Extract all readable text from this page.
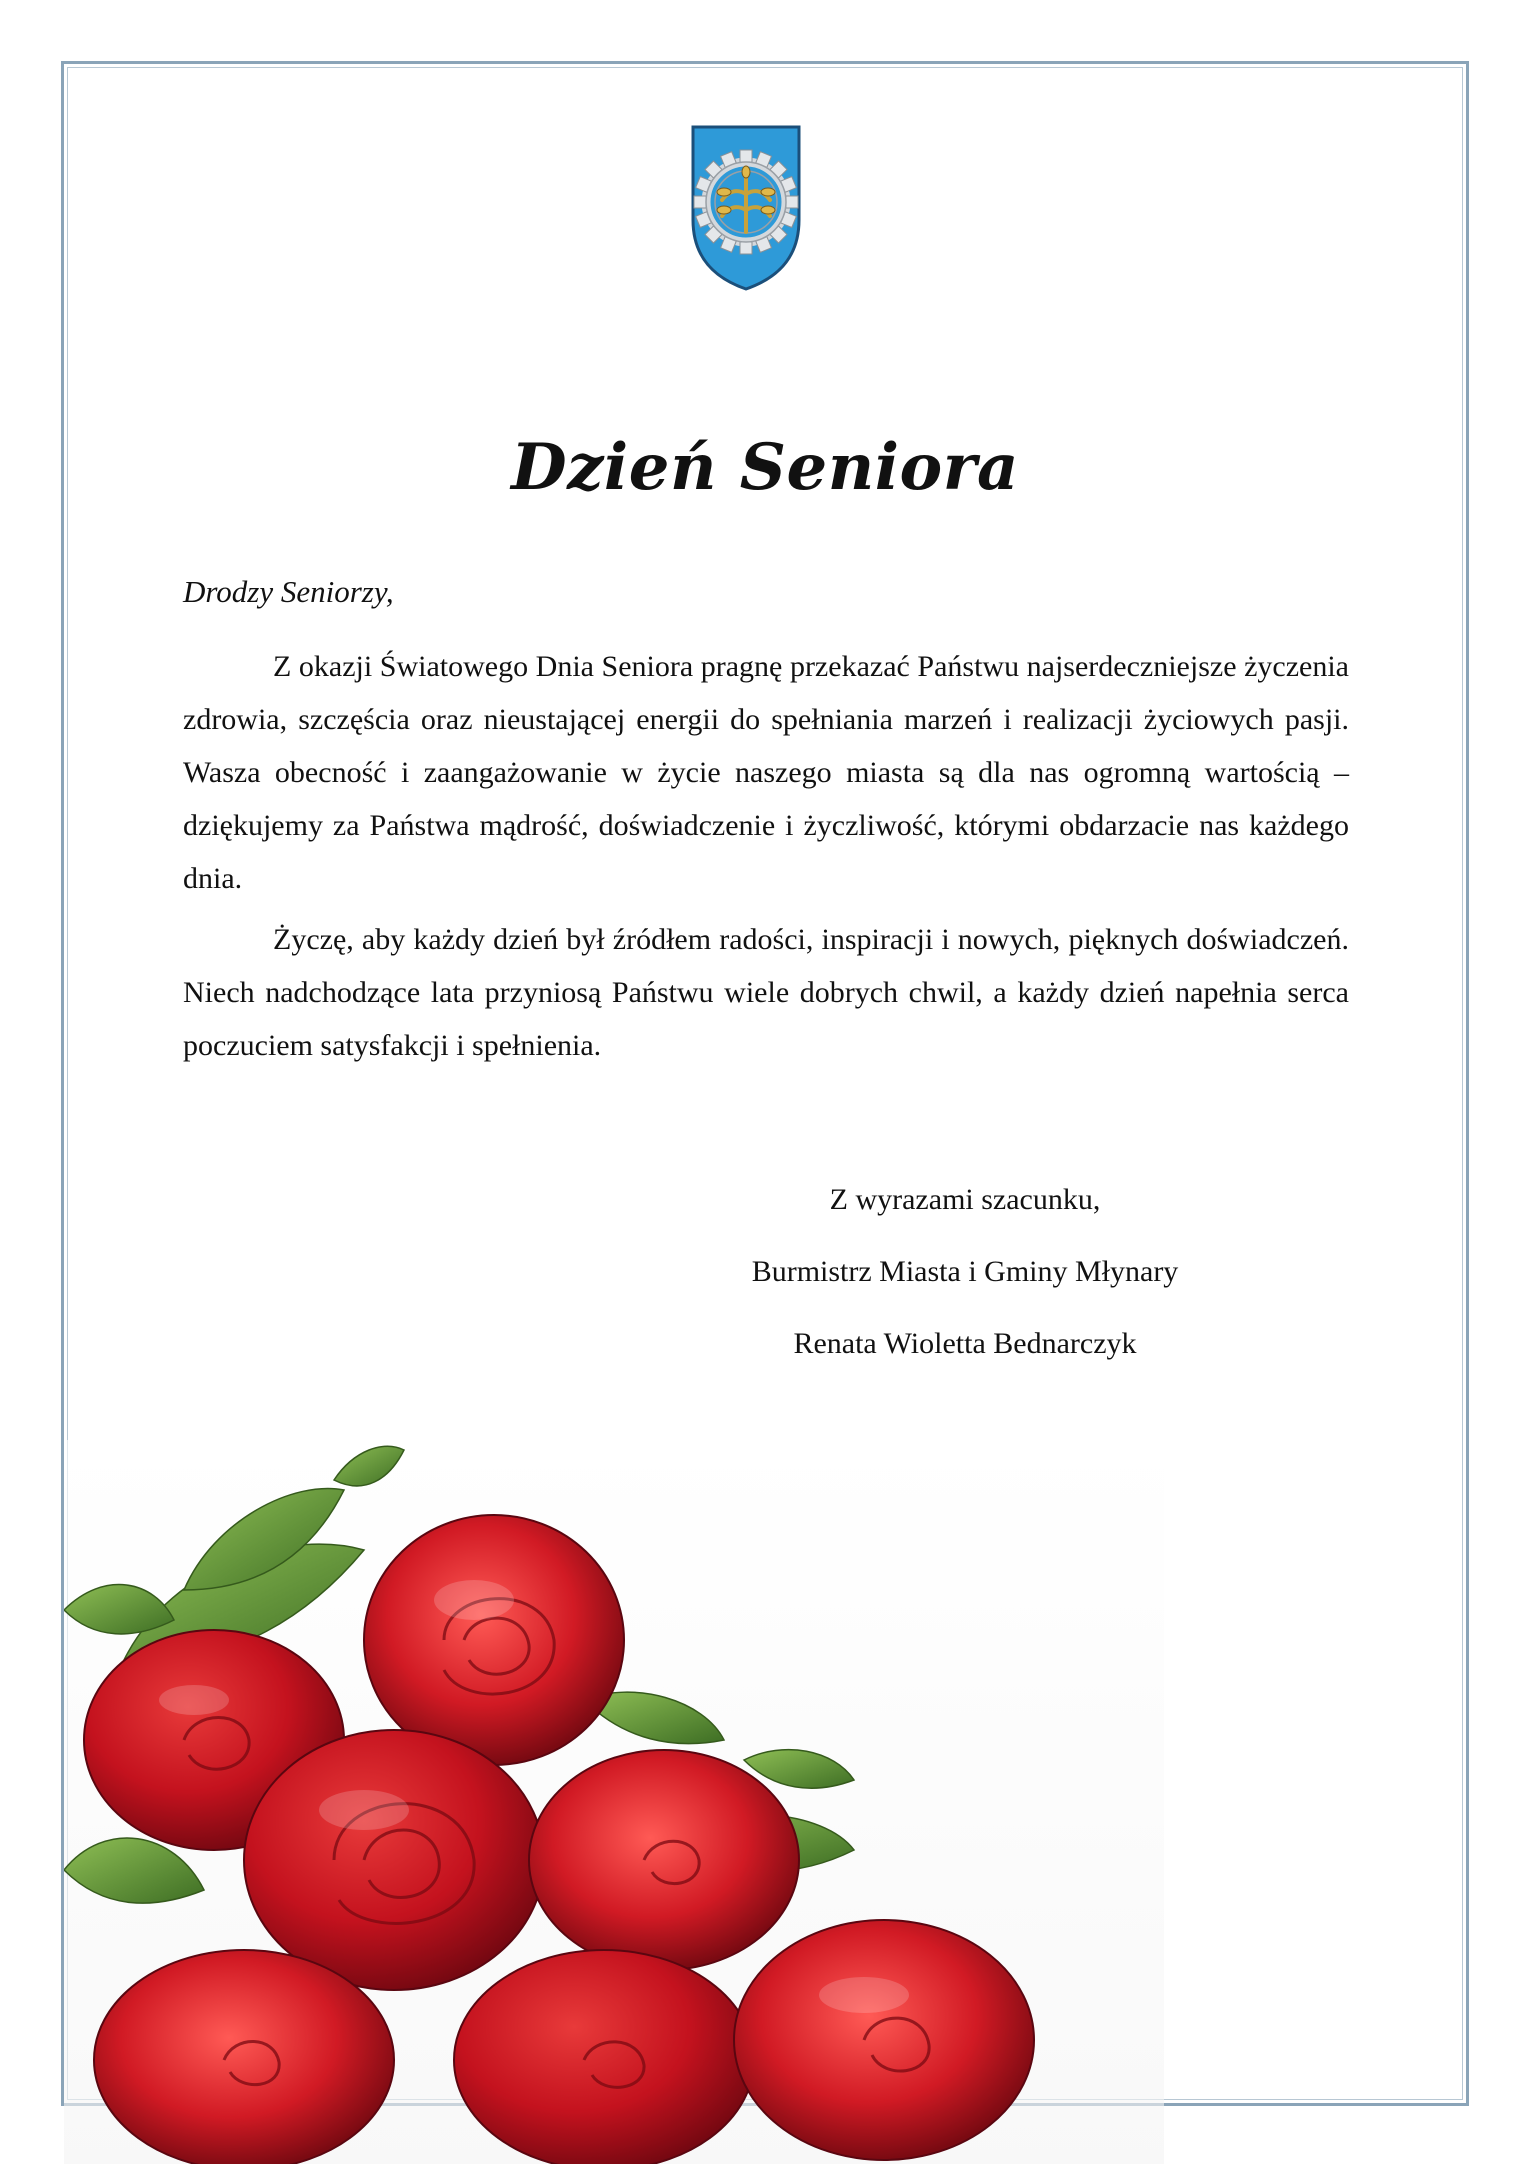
Dzień Seniora
Drodzy Seniorzy,

Z okazji Światowego Dnia Seniora pragnę przekazać Państwu najserdeczniejsze życzenia zdrowia, szczęścia oraz nieustającej energii do spełniania marzeń i realizacji życiowych pasji. Wasza obecność i zaangażowanie w życie naszego miasta są dla nas ogromną wartością – dziękujemy za Państwa mądrość, doświadczenie i życzliwość, którymi obdarzacie nas każdego dnia.

Życzę, aby każdy dzień był źródłem radości, inspiracji i nowych, pięknych doświadczeń. Niech nadchodzące lata przyniosą Państwu wiele dobrych chwil, a każdy dzień napełnia serca poczuciem satysfakcji i spełnienia.

Z wyrazami szacunku,
Burmistrz Miasta i Gminy Młynary
Renata Wioletta Bednarczyk
